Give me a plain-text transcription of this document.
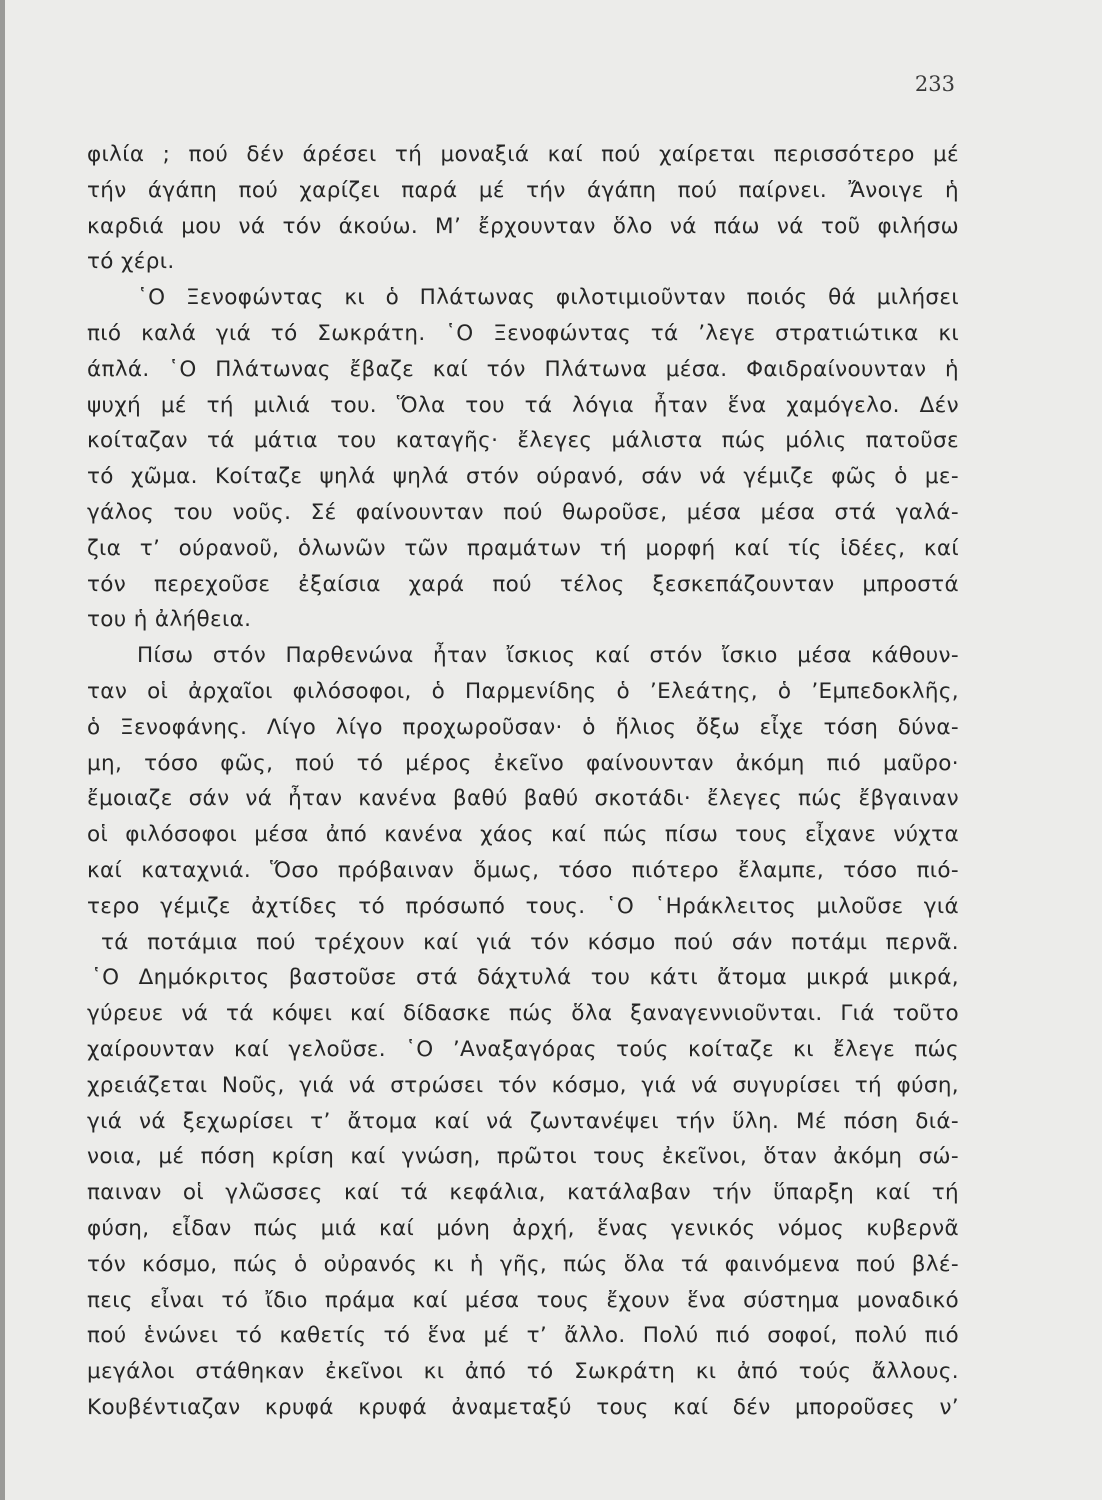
233
φιλία ; πού δέν άρέσει τή μοναξιά καί πού χαίρεται περισσότερο μέ
τήν άγάπη πού χαρίζει παρά μέ τήν άγάπη πού παίρνει. Ἄνοιγε ἡ
καρδιά μου νά τόν άκούω. Μ’ ἔρχουνταν ὅλο νά πάω νά τοῦ φιλήσω
τό χέρι.
῾Ο Ξενοφώντας κι ὁ Πλάτωνας φιλοτιμιοῦνταν ποιός θά μιλήσει
πιό καλά γιά τό Σωκράτη. ῾Ο Ξενοφώντας τά ’λεγε στρατιώτικα κι
άπλά. ῾Ο Πλάτωνας ἔβαζε καί τόν Πλάτωνα μέσα. Φαιδραίνουνταν ἡ
ψυχή μέ τή μιλιά του. Ὅλα του τά λόγια ἦταν ἕνα χαμόγελο. Δέν
κοίταζαν τά μάτια του καταγῆς· ἔλεγες μάλιστα πώς μόλις πατοῦσε
τό χῶμα. Κοίταζε ψηλά ψηλά στόν ούρανό, σάν νά γέμιζε φῶς ὁ με-
γάλος του νοῦς. Σέ φαίνουνταν πού θωροῦσε, μέσα μέσα στά γαλά-
ζια τ’ ούρανοῦ, ὁλωνῶν τῶν πραμάτων τή μορφή καί τίς ἰδέες, καί
τόν περεχοῦσε ἐξαίσια χαρά πού τέλος ξεσκεπάζουνταν μπροστά
του ἡ ἀλήθεια.
Πίσω στόν Παρθενώνα ἦταν ἴσκιος καί στόν ἴσκιο μέσα κάθουν-
ταν οἱ ἀρχαῖοι φιλόσοφοι, ὁ Παρμενίδης ὁ ’Ελεάτης, ὁ ’Εμπεδοκλῆς,
ὁ Ξενοφάνης. Λίγο λίγο προχωροῦσαν· ὁ ἥλιος ὄξω εἶχε τόση δύνα-
μη, τόσο φῶς, πού τό μέρος ἐκεῖνο φαίνουνταν ἀκόμη πιό μαῦρο·
ἔμοιαζε σάν νά ἦταν κανένα βαθύ βαθύ σκοτάδι· ἔλεγες πώς ἔβγαιναν
οἱ φιλόσοφοι μέσα ἀπό κανένα χάος καί πώς πίσω τους εἶχανε νύχτα
καί καταχνιά. Ὅσο πρόβαιναν ὅμως, τόσο πιότερο ἔλαμπε, τόσο πιό-
τερο γέμιζε ἀχτίδες τό πρόσωπό τους. ῾Ο ῾Ηράκλειτος μιλοῦσε γιά
τά ποτάμια πού τρέχουν καί γιά τόν κόσμο πού σάν ποτάμι περνᾶ.
῾Ο Δημόκριτος βαστοῦσε στά δάχτυλά του κάτι ἄτομα μικρά μικρά,
γύρευε νά τά κόψει καί δίδασκε πώς ὅλα ξαναγεννιοῦνται. Γιά τοῦτο
χαίρουνταν καί γελοῦσε. ῾Ο ’Αναξαγόρας τούς κοίταζε κι ἔλεγε πώς
χρειάζεται Νοῦς, γιά νά στρώσει τόν κόσμο, γιά νά συγυρίσει τή φύση,
γιά νά ξεχωρίσει τ’ ἄτομα καί νά ζωντανέψει τήν ὕλη. Μέ πόση διά-
νοια, μέ πόση κρίση καί γνώση, πρῶτοι τους ἐκεῖνοι, ὅταν ἀκόμη σώ-
παιναν οἱ γλῶσσες καί τά κεφάλια, κατάλαβαν τήν ὕπαρξη καί τή
φύση, εἶδαν πώς μιά καί μόνη ἀρχή, ἕνας γενικός νόμος κυβερνᾶ
τόν κόσμο, πώς ὁ οὐρανός κι ἡ γῆς, πώς ὅλα τά φαινόμενα πού βλέ-
πεις εἶναι τό ἴδιο πράμα καί μέσα τους ἔχουν ἕνα σύστημα μοναδικό
πού ἑνώνει τό καθετίς τό ἕνα μέ τ’ ἄλλο. Πολύ πιό σοφοί, πολύ πιό
μεγάλοι στάθηκαν ἐκεῖνοι κι ἀπό τό Σωκράτη κι ἀπό τούς ἄλλους.
Κουβέντιαζαν κρυφά κρυφά ἀναμεταξύ τους καί δέν μποροῦσες ν’
